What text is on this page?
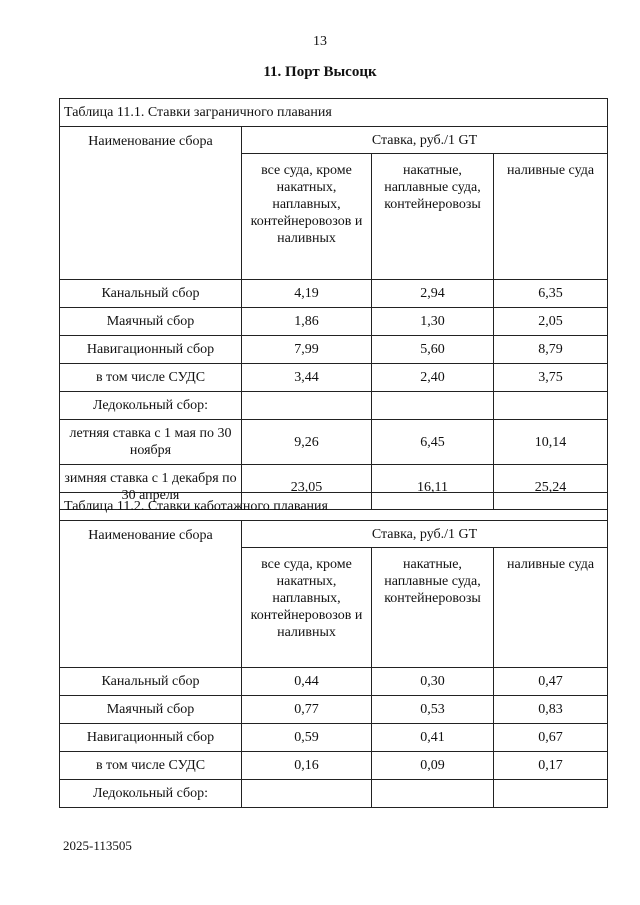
13
11. Порт Высоцк
Таблица 11.1. Ставки заграничного плавания			
Наименование сбора	Ставка, руб./1 GT		
	все суда, кроме накатных, наплавных, контейнеровозов и наливных	накатные, наплавные суда, контейнеровозы	наливные суда
Канальный сбор	4,19	2,94	6,35
Маячный сбор	1,86	1,30	2,05
Навигационный сбор	7,99	5,60	8,79
в том числе СУДС	3,44	2,40	3,75
Ледокольный сбор:			
летняя ставка с 1 мая по 30 ноября	9,26	6,45	10,14
зимняя ставка с 1 декабря по 30 апреля	23,05	16,11	25,24
Таблица 11.2. Ставки каботажного плавания			
Наименование сбора	Ставка, руб./1 GT		
	все суда, кроме накатных, наплавных, контейнеровозов и наливных	накатные, наплавные суда, контейнеровозы	наливные суда
Канальный сбор	0,44	0,30	0,47
Маячный сбор	0,77	0,53	0,83
Навигационный сбор	0,59	0,41	0,67
в том числе СУДС	0,16	0,09	0,17
Ледокольный сбор:			
2025-113505
